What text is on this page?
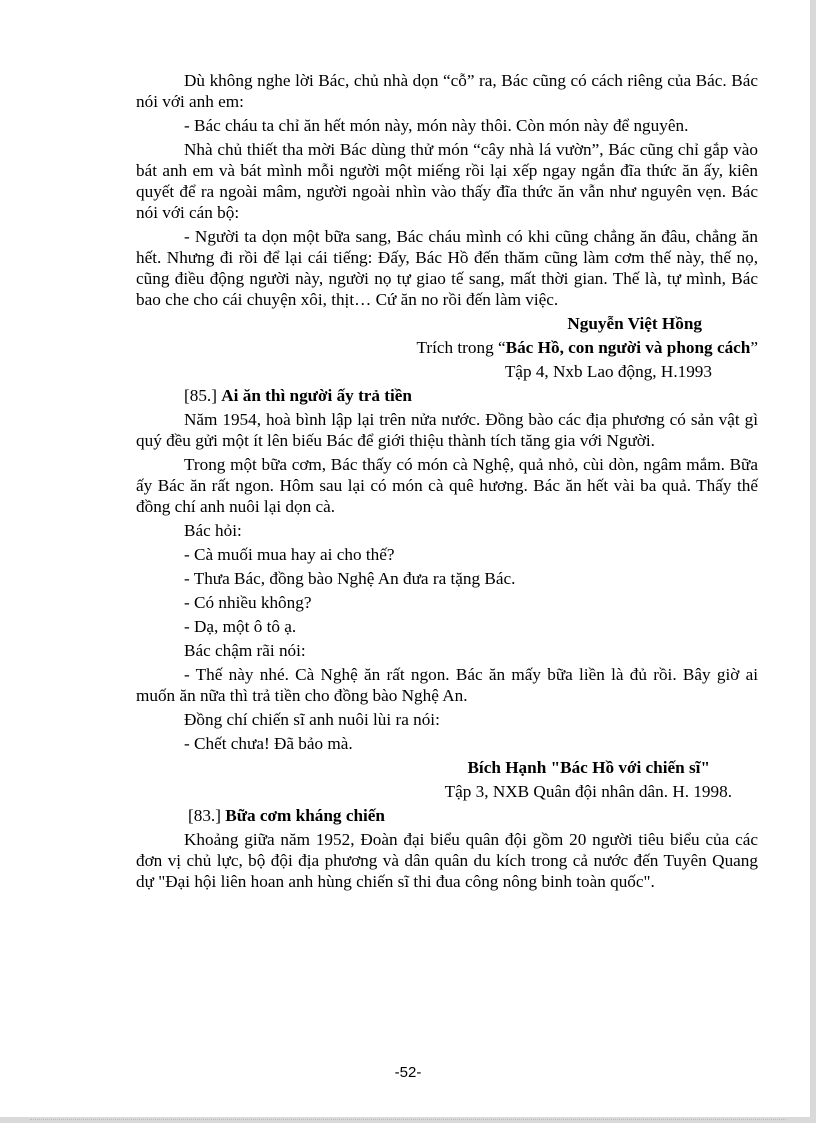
Dù không nghe lời Bác, chủ nhà dọn “cỗ” ra, Bác cũng có cách riêng của Bác. Bác nói với anh em:

- Bác cháu ta chỉ ăn hết món này, món này thôi. Còn món này để nguyên.

Nhà chủ thiết tha mời Bác dùng thử món “cây nhà lá vườn”, Bác cũng chỉ gắp vào bát anh em và bát mình mỗi người một miếng rồi lại xếp ngay ngắn đĩa thức ăn ấy, kiên quyết để ra ngoài mâm, người ngoài nhìn vào thấy đĩa thức ăn vẫn như nguyên vẹn. Bác nói với cán bộ:

- Người ta dọn một bữa sang, Bác cháu mình có khi cũng chẳng ăn đâu, chẳng ăn hết. Nhưng đi rồi để lại cái tiếng: Đấy, Bác Hồ đến thăm cũng làm cơm thế này, thế nọ, cũng điều động người này, người nọ tự giao tế sang, mất thời gian. Thế là, tự mình, Bác bao che cho cái chuyện xôi, thịt… Cứ ăn no rồi đến làm việc.

Nguyễn Việt Hồng

Trích trong “Bác Hồ, con người và phong cách”

Tập 4, Nxb Lao động, H.1993

[85.] Ai ăn thì người ấy trả tiền

Năm 1954, hoà bình lập lại trên nửa nước. Đồng bào các địa phương có sản vật gì quý đều gửi một ít lên biếu Bác để giới thiệu thành tích tăng gia với Người.

Trong một bữa cơm, Bác thấy có món cà Nghệ, quả nhỏ, cùi dòn, ngâm mắm. Bữa ấy Bác ăn rất ngon. Hôm sau lại có món cà quê hương. Bác ăn hết vài ba quả. Thấy thế đồng chí anh nuôi lại dọn cà.

Bác hỏi:

- Cà muối mua hay ai cho thế?

- Thưa Bác, đồng bào Nghệ An đưa ra tặng Bác.

- Có nhiều không?

- Dạ, một ô tô ạ.

Bác chậm rãi nói:

- Thế này nhé. Cà Nghệ ăn rất ngon. Bác ăn mấy bữa liền là đủ rồi. Bây giờ ai muốn ăn nữa thì trả tiền cho đồng bào Nghệ An.

Đồng chí chiến sĩ anh nuôi lùi ra nói:

- Chết chưa! Đã bảo mà.

Bích Hạnh "Bác Hồ với chiến sĩ"

Tập 3, NXB Quân đội nhân dân. H. 1998.

[83.] Bữa cơm kháng chiến

Khoảng giữa năm 1952, Đoàn đại biểu quân đội gồm 20 người tiêu biểu của các đơn vị chủ lực, bộ đội địa phương và dân quân du kích trong cả nước đến Tuyên Quang dự "Đại hội liên hoan anh hùng chiến sĩ thi đua công nông binh toàn quốc".

-52-
